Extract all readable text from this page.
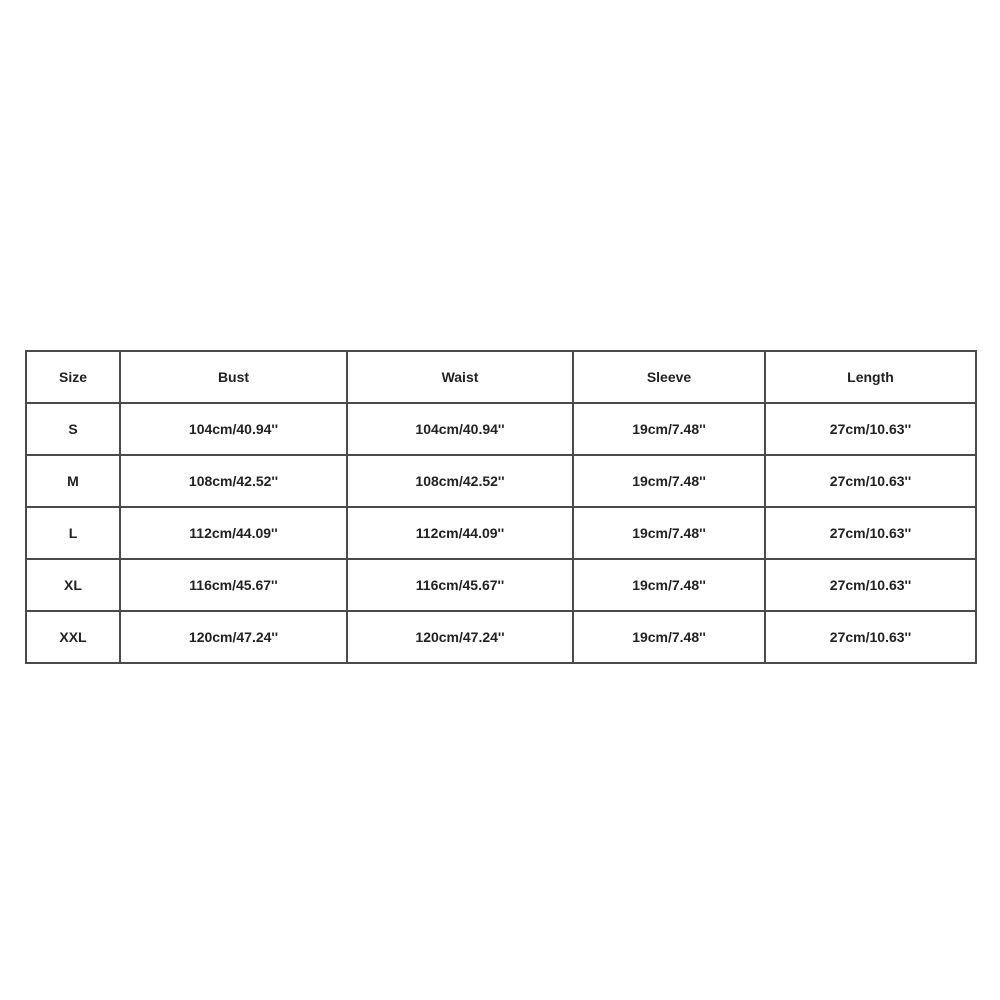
Size	Bust	Waist	Sleeve	Length
S	104cm/40.94''	104cm/40.94''	19cm/7.48''	27cm/10.63''
M	108cm/42.52''	108cm/42.52''	19cm/7.48''	27cm/10.63''
L	112cm/44.09''	112cm/44.09''	19cm/7.48''	27cm/10.63''
XL	116cm/45.67''	116cm/45.67''	19cm/7.48''	27cm/10.63''
XXL	120cm/47.24''	120cm/47.24''	19cm/7.48''	27cm/10.63''
